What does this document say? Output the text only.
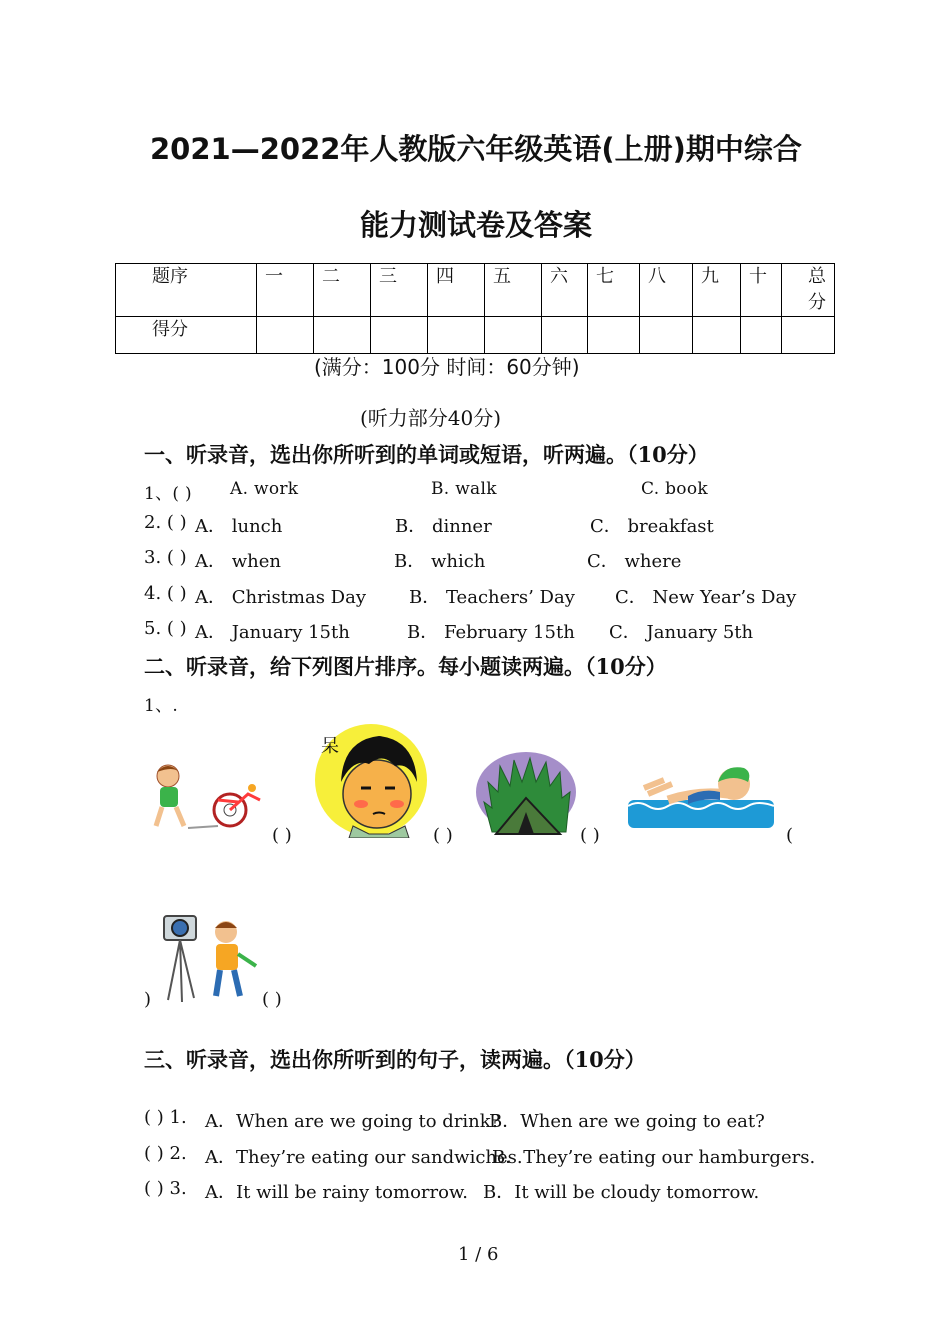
2021—2022年人教版六年级英语(上册)期中综合
能力测试卷及答案
题序	一	二	三	四	五	六	七	八	九	十	总分
得分											
(满分：100分 时间：60分钟)
(听力部分40分)
一、听录音，选出你所听到的单词或短语，听两遍。（10分）
1、( ) A. work	B. walk	C. book
2. ( ) A． lunch	B． dinner	C． breakfast
3. ( ) A． when	B． which	C． where
4. ( ) A． Christmas Day B． Teachers’ Day C． New Year’s Day
5. ( ) A． January 15th	B． February 15th C． January 5th
二、听录音，给下列图片排序。每小题读两遍。（10分）
1、.
( )
呆
( )	( )	(
)	( )
三、听录音，选出你所听到的句子，读两遍。（10分）
( ) 1. A．When are we going to drink?
B．When are we going to eat?
( ) 2. A．They’re eating our sandwiches.
B．They’re eating our hamburgers.
( ) 3. A．It will be rainy tomorrow. B．It will be cloudy tomorrow.
1 / 6
